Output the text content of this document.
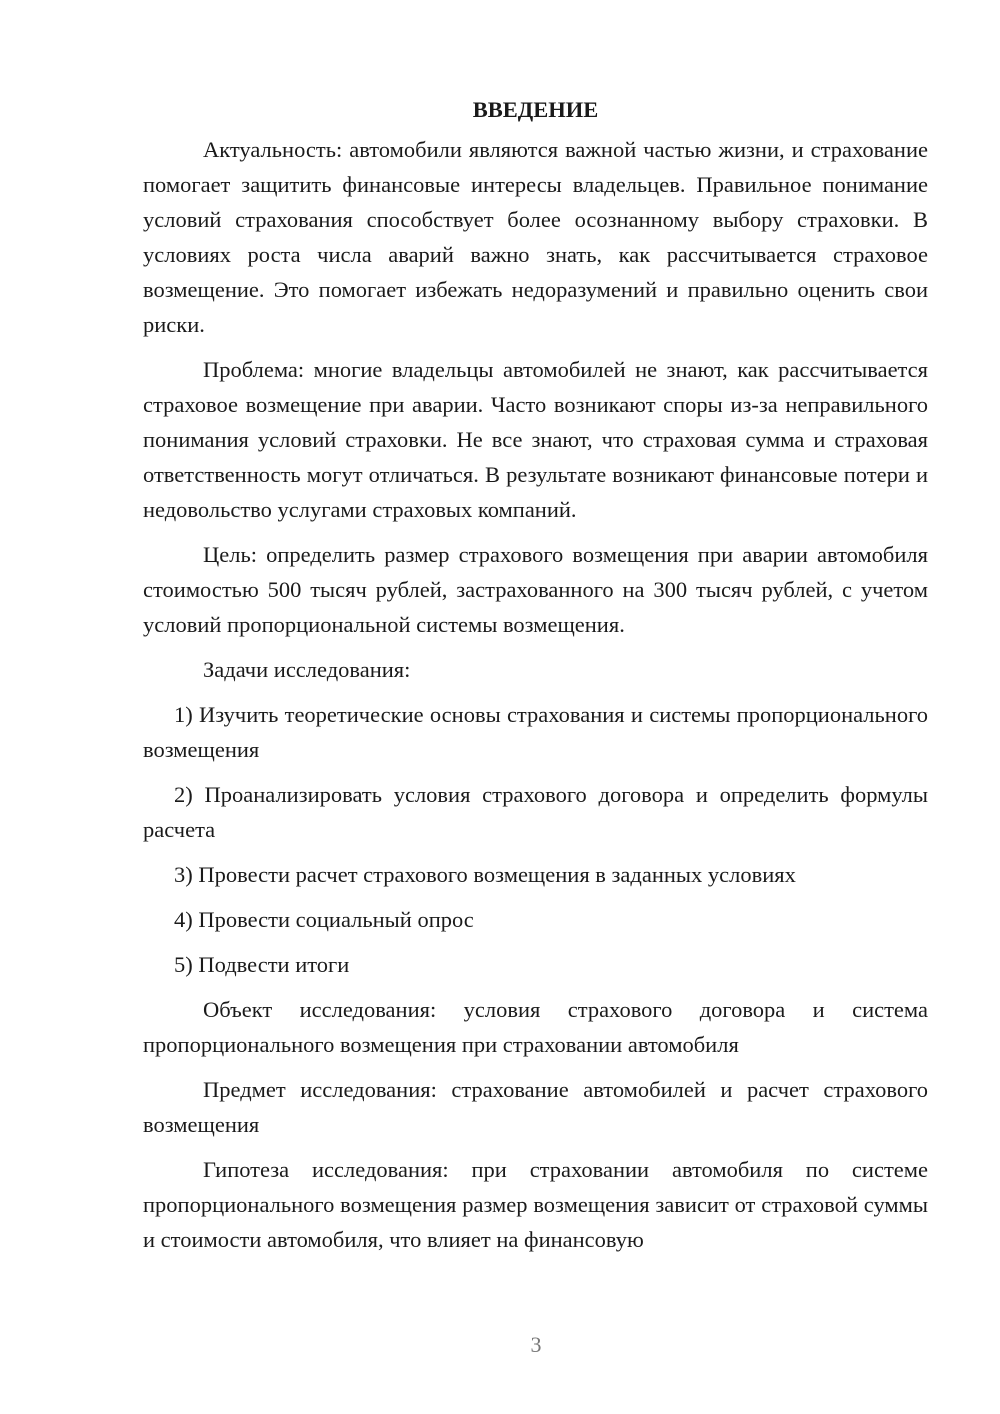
ВВЕДЕНИЕ

Актуальность: автомобили являются важной частью жизни, и страхование помогает защитить финансовые интересы владельцев. Правильное понимание условий страхования способствует более осознанному выбору страховки. В условиях роста числа аварий важно знать, как рассчитывается страховое возмещение. Это помогает избежать недоразумений и правильно оценить свои риски.

Проблема: многие владельцы автомобилей не знают, как рассчитывается страховое возмещение при аварии. Часто возникают споры из-за неправильного понимания условий страховки. Не все знают, что страховая сумма и страховая ответственность могут отличаться. В результате возникают финансовые потери и недовольство услугами страховых компаний.

Цель: определить размер страхового возмещения при аварии автомобиля стоимостью 500 тысяч рублей, застрахованного на 300 тысяч рублей, с учетом условий пропорциональной системы возмещения.

Задачи исследования:

1) Изучить теоретические основы страхования и системы пропорционального возмещения

2) Проанализировать условия страхового договора и определить формулы расчета

3) Провести расчет страхового возмещения в заданных условиях

4) Провести социальный опрос

5) Подвести итоги

Объект исследования: условия страхового договора и система пропорционального возмещения при страховании автомобиля

Предмет исследования: страхование автомобилей и расчет страхового возмещения

Гипотеза исследования: при страховании автомобиля по системе пропорционального возмещения размер возмещения зависит от страховой суммы и стоимости автомобиля, что влияет на финансовую

3
